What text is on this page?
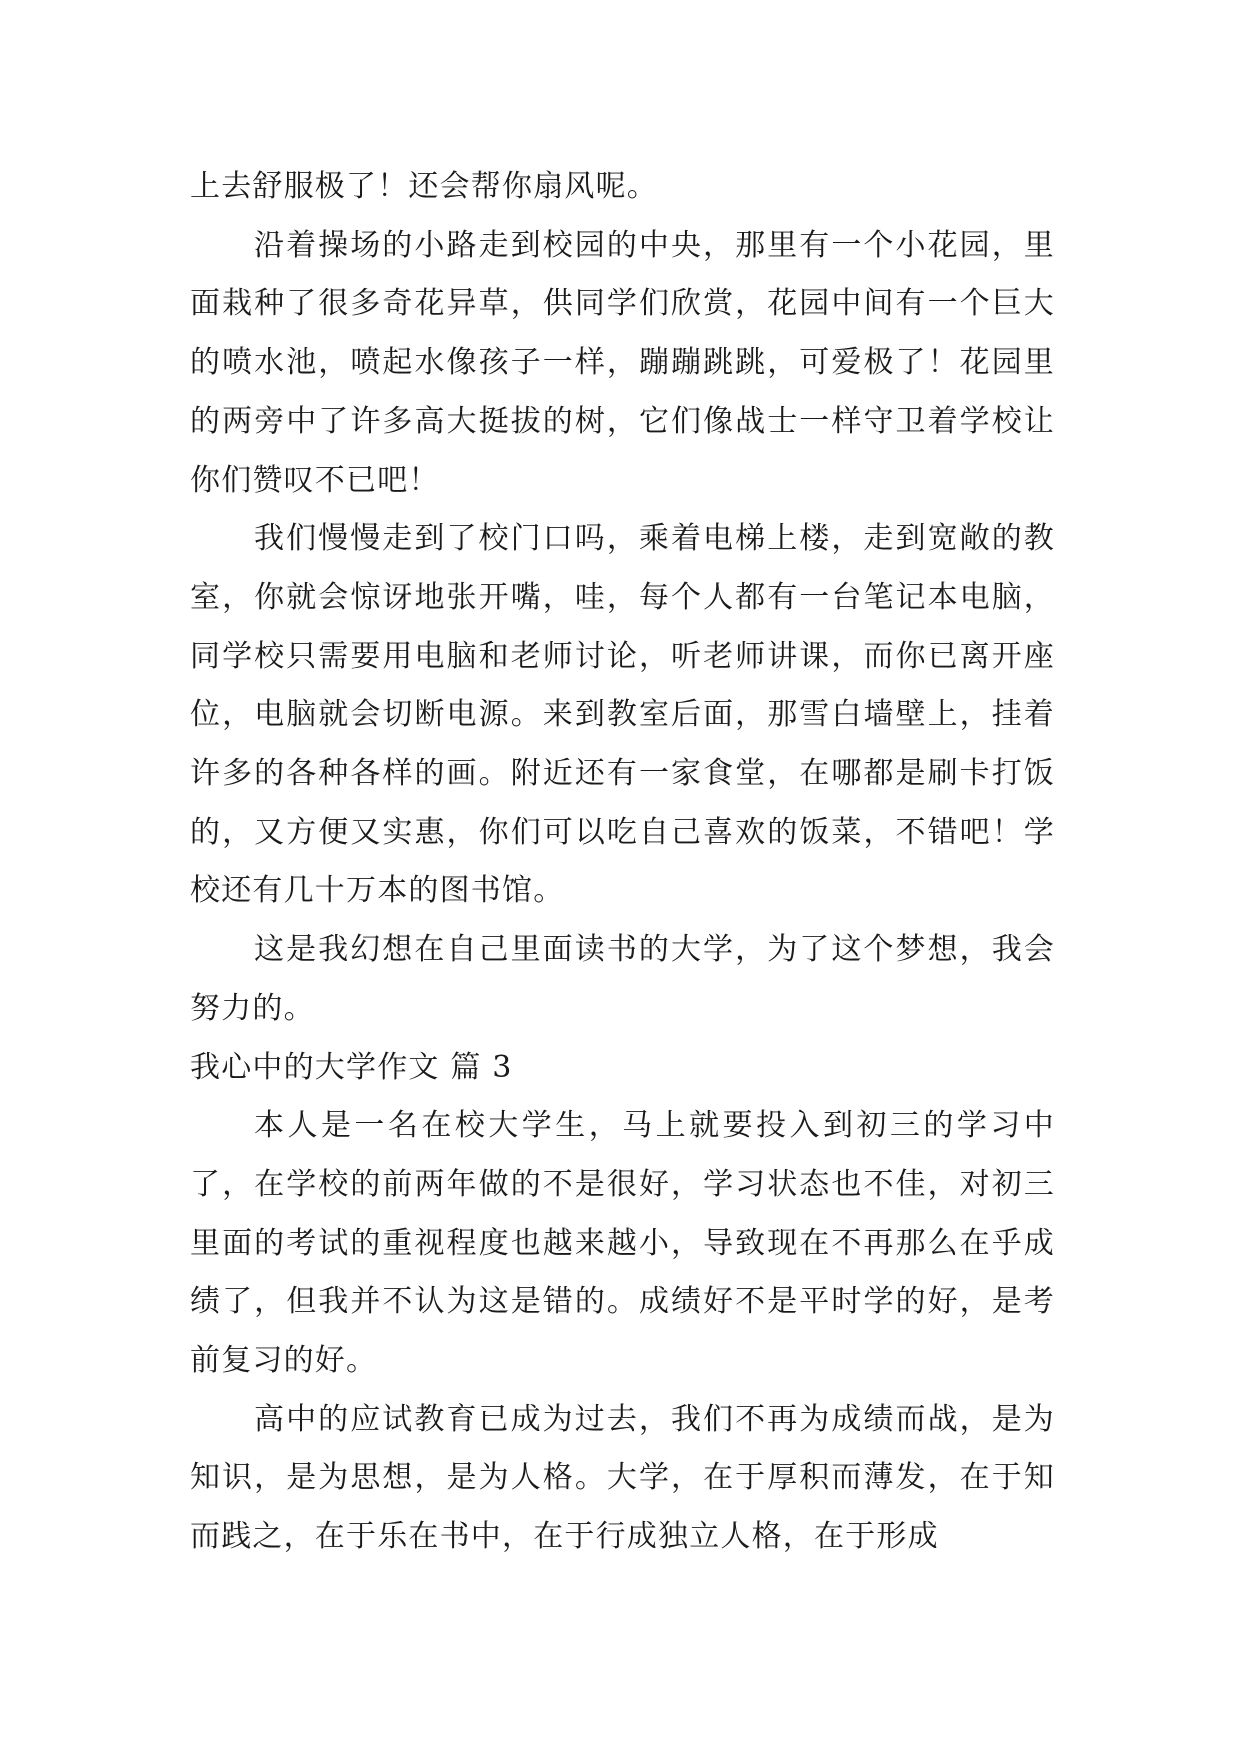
上去舒服极了！还会帮你扇风呢。

沿着操场的小路走到校园的中央，那里有一个小花园，里面栽种了很多奇花异草，供同学们欣赏，花园中间有一个巨大的喷水池，喷起水像孩子一样，蹦蹦跳跳，可爱极了！花园里的两旁中了许多高大挺拔的树，它们像战士一样守卫着学校让你们赞叹不已吧！

我们慢慢走到了校门口吗，乘着电梯上楼，走到宽敞的教室，你就会惊讶地张开嘴，哇，每个人都有一台笔记本电脑，同学校只需要用电脑和老师讨论，听老师讲课，而你已离开座位，电脑就会切断电源。来到教室后面，那雪白墙壁上，挂着许多的各种各样的画。附近还有一家食堂，在哪都是刷卡打饭的，又方便又实惠，你们可以吃自己喜欢的饭菜，不错吧！学校还有几十万本的图书馆。

这是我幻想在自己里面读书的大学，为了这个梦想，我会努力的。

我心中的大学作文 篇 3

本人是一名在校大学生，马上就要投入到初三的学习中了，在学校的前两年做的不是很好，学习状态也不佳，对初三里面的考试的重视程度也越来越小，导致现在不再那么在乎成绩了，但我并不认为这是错的。成绩好不是平时学的好，是考前复习的好。

高中的应试教育已成为过去，我们不再为成绩而战，是为知识，是为思想，是为人格。大学，在于厚积而薄发，在于知而践之，在于乐在书中，在于行成独立人格，在于形成
